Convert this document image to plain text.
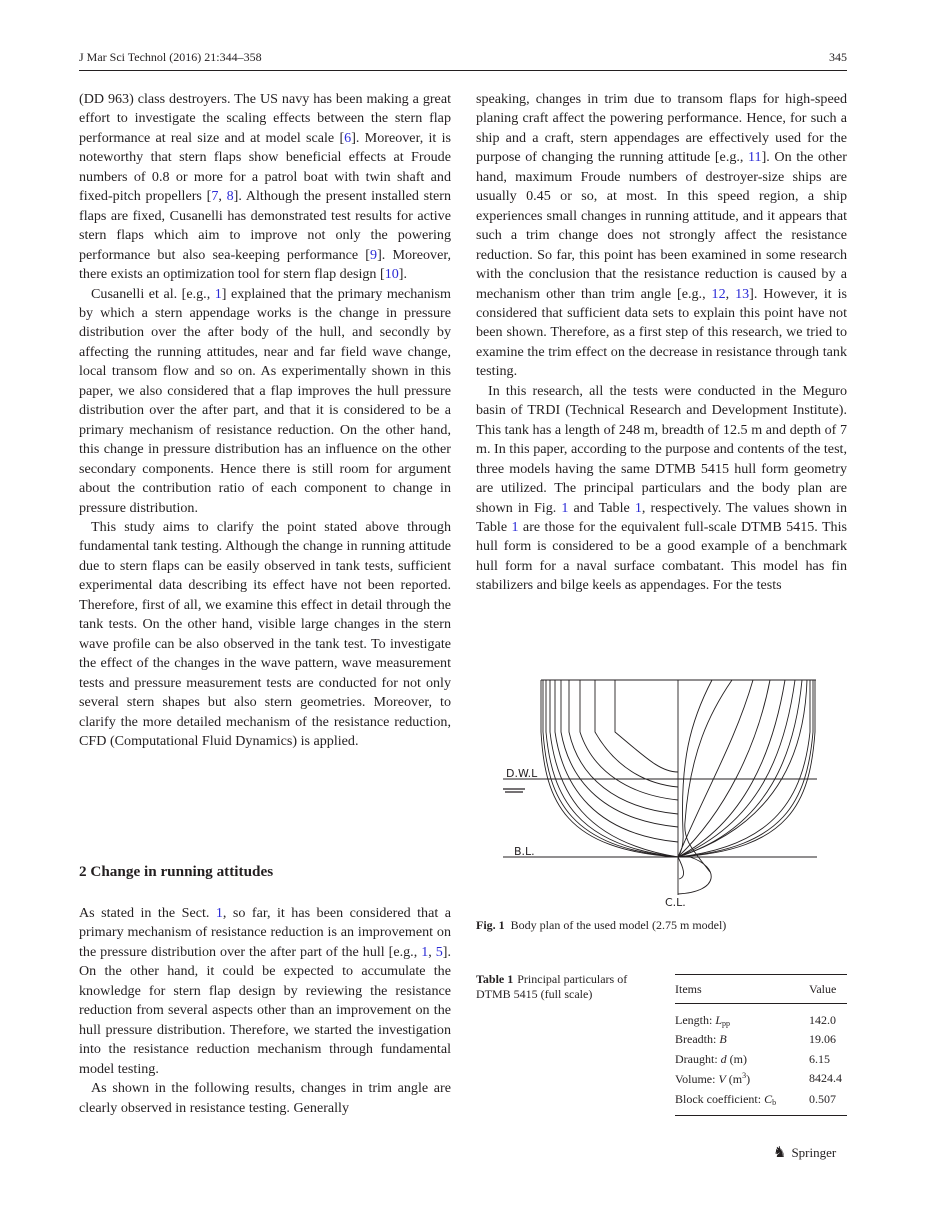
J Mar Sci Technol (2016) 21:344–358	345

(DD 963) class destroyers. The US navy has been making a great effort to investigate the scaling effects between the stern flap performance at real size and at model scale [6]. Moreover, it is noteworthy that stern flaps show beneficial effects at Froude numbers of 0.8 or more for a patrol boat with twin shaft and fixed-pitch propellers [7, 8]. Although the present installed stern flaps are fixed, Cusanelli has demonstrated test results for active stern flaps which aim to improve not only the powering performance but also sea-keeping performance [9]. Moreover, there exists an optimization tool for stern flap design [10].

Cusanelli et al. [e.g., 1] explained that the primary mechanism by which a stern appendage works is the change in pressure distribution over the after body of the hull, and secondly by affecting the running attitudes, near and far field wave change, local transom flow and so on. As experimentally shown in this paper, we also considered that a flap improves the hull pressure distribution over the after part, and that it is considered to be a primary mechanism of resistance reduction. On the other hand, this change in pressure distribution has an influence on the other secondary components. Hence there is still room for argument about the contribution ratio of each component to change in pressure distribution.

This study aims to clarify the point stated above through fundamental tank testing. Although the change in running attitude due to stern flaps can be easily observed in tank tests, sufficient experimental data describing its effect have not been reported. Therefore, first of all, we examine this effect in detail through the tank tests. On the other hand, visible large changes in the stern wave profile can be also observed in the tank test. To investigate the effect of the changes in the wave pattern, wave measurement tests and pressure measurement tests are conducted for not only several stern shapes but also stern geometries. Moreover, to clarify the more detailed mechanism of the resistance reduction, CFD (Computational Fluid Dynamics) is applied.

2 Change in running attitudes

As stated in the Sect. 1, so far, it has been considered that a primary mechanism of resistance reduction is an improvement on the pressure distribution over the after part of the hull [e.g., 1, 5]. On the other hand, it could be expected to accumulate the knowledge for stern flap design by reviewing the resistance reduction from several aspects other than an improvement on the hull pressure distribution. Therefore, we started the investigation into the resistance reduction mechanism through fundamental model testing.

As shown in the following results, changes in trim angle are clearly observed in resistance testing. Generally

speaking, changes in trim due to transom flaps for high-speed planing craft affect the powering performance. Hence, for such a ship and a craft, stern appendages are effectively used for the purpose of changing the running attitude [e.g., 11]. On the other hand, maximum Froude numbers of destroyer-size ships are usually 0.45 or so, at most. In this speed region, a ship experiences small changes in running attitude, and it appears that such a trim change does not strongly affect the resistance reduction. So far, this point has been examined in some research with the conclusion that the resistance reduction is caused by a mechanism other than trim angle [e.g., 12, 13]. However, it is considered that sufficient data sets to explain this point have not been shown. Therefore, as a first step of this research, we tried to examine the trim effect on the decrease in resistance through tank testing.

In this research, all the tests were conducted in the Meguro basin of TRDI (Technical Research and Development Institute). This tank has a length of 248 m, breadth of 12.5 m and depth of 7 m. In this paper, according to the purpose and contents of the test, three models having the same DTMB 5415 hull form geometry are utilized. The principal particulars and the body plan are shown in Fig. 1 and Table 1, respectively. The values shown in Table 1 are those for the equivalent full-scale DTMB 5415. This hull form is considered to be a good example of a benchmark hull form for a naval surface combatant. This model has fin stabilizers and bilge keels as appendages. For the tests

D.W.L
B.L.
C.L.
Fig. 1 Body plan of the used model (2.75 m model)
Table 1 Principal particulars of DTMB 5415 (full scale)	Items	Value
Length: $L_{pp}$	142.0
Breadth: B	19.06
Draught: d (m)	6.15
Volume: V $(m^3)$	8424.4
Block coefficient: $C_b$	0.507
♞ Springer
